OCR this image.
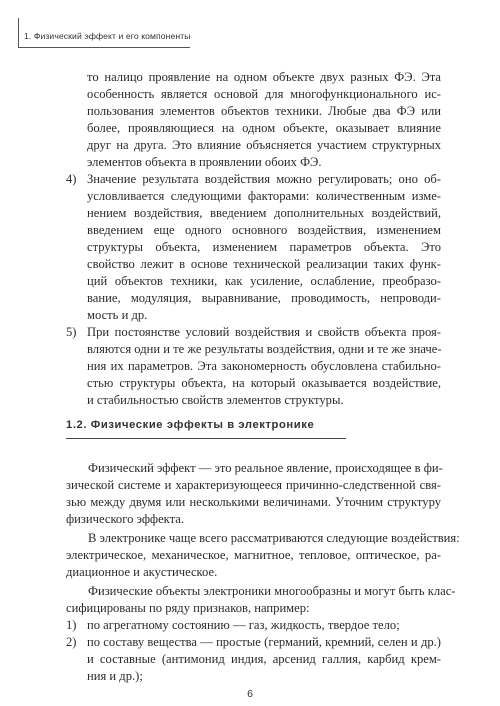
1. Физический эффект и его компоненты
то налицо проявление на одном объекте двух разных ФЭ. Эта
особенность является основой для многофункционального ис-
пользования элементов объектов техники. Любые два ФЭ или
более, проявляющиеся на одном объекте, оказывает влияние
друг на друга. Это влияние объясняется участием структурных
элементов объекта в проявлении обоих ФЭ.
4) Значение результата воздействия можно регулировать; оно об-
условливается следующими факторами: количественным изме-
нением воздействия, введением дополнительных воздействий,
введением еще одного основного воздействия, изменением
структуры объекта, изменением параметров объекта. Это
свойство лежит в основе технической реализации таких функ-
ций объектов техники, как усиление, ослабление, преобразо-
вание, модуляция, выравнивание, проводимость, непроводи-
мость и др.
5) При постоянстве условий воздействия и свойств объекта проя-
вляются одни и те же результаты воздействия, одни и те же значе-
ния их параметров. Эта закономерность обусловлена стабильно-
стью структуры объекта, на который оказывается воздействие,
и стабильностью свойств элементов структуры.
1.2. Физические эффекты в электронике
Физический эффект — это реальное явление, происходящее в фи-
зической системе и характеризующееся причинно-следственной свя-
зью между двумя или несколькими величинами. Уточним структуру
физического эффекта.
В электронике чаще всего рассматриваются следующие воздействия:
электрическое, механическое, магнитное, тепловое, оптическое, ра-
диационное и акустическое.
Физические объекты электроники многообразны и могут быть клас-
сифицированы по ряду признаков, например:
1) по агрегатному состоянию — газ, жидкость, твердое тело;
2) по составу вещества — простые (германий, кремний, селен и др.)
и составные (антимонид индия, арсенид галлия, карбид крем-
ния и др.);
6
